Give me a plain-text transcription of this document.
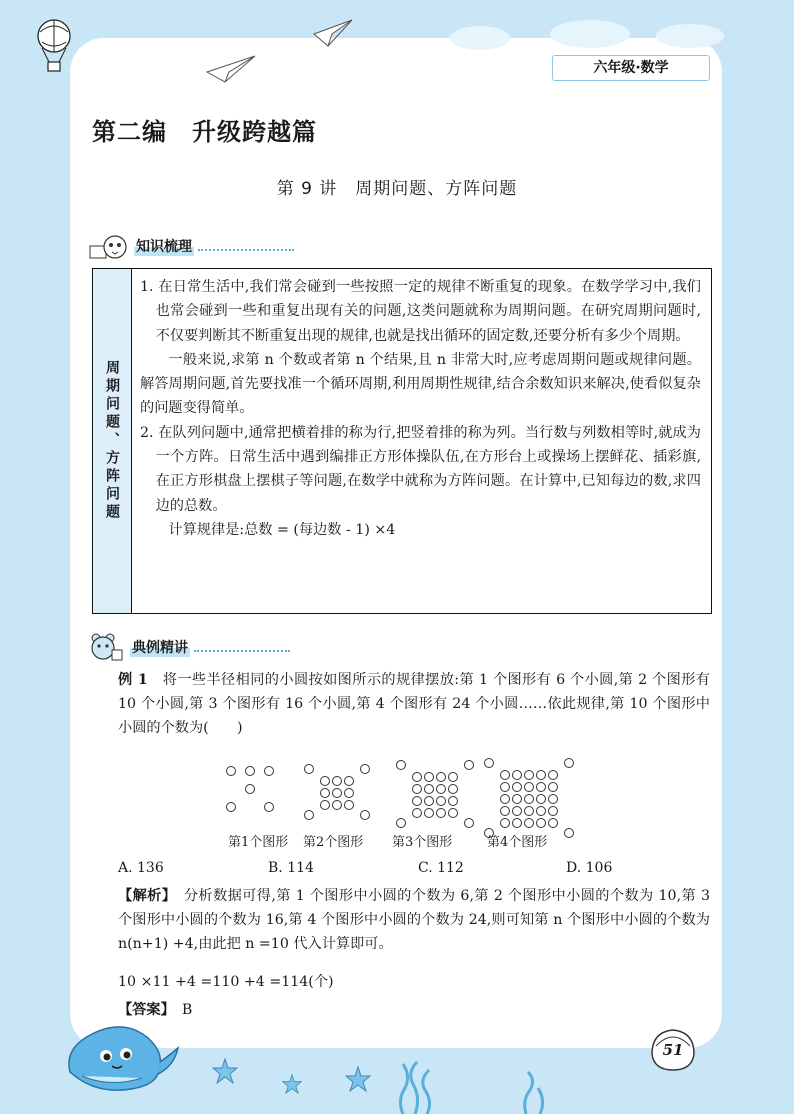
六年级·数学
第二编　升级跨越篇
第 9 讲　周期问题、方阵问题
知识梳理
周期问题、方阵问题

1. 在日常生活中,我们常会碰到一些按照一定的规律不断重复的现象。在数学学习中,我们也常会碰到一些和重复出现有关的问题,这类问题就称为周期问题。在研究周期问题时,不仅要判断其不断重复出现的规律,也就是找出循环的固定数,还要分析有多少个周期。

一般来说,求第 n 个数或者第 n 个结果,且 n 非常大时,应考虑周期问题或规律问题。解答周期问题,首先要找准一个循环周期,利用周期性规律,结合余数知识来解决,使看似复杂的问题变得简单。

2. 在队列问题中,通常把横着排的称为行,把竖着排的称为列。当行数与列数相等时,就成为一个方阵。日常生活中遇到编排正方形体操队伍,在方形台上或操场上摆鲜花、插彩旗,在正方形棋盘上摆棋子等问题,在数学中就称为方阵问题。在计算中,已知每边的数,求四边的总数。

计算规律是:总数 = (每边数 - 1) ×4

典例精讲
例 1　 将一些半径相同的小圆按如图所示的规律摆放:第 1 个图形有 6 个小圆,第 2 个图形有 10 个小圆,第 3 个图形有 16 个小圆,第 4 个图形有 24 个小圆……依此规律,第 10 个图形中小圆的个数为(　　)
第1个图形 第2个图形 第3个图形	第4个图形
A. 136	B. 114	C. 112	D. 106
【解析】　 分析数据可得,第 1 个图形中小圆的个数为 6,第 2 个图形中小圆的个数为 10,第 3 个图形中小圆的个数为 16,第 4 个图形中小圆的个数为 24,则可知第 n 个图形中小圆的个数为 n(n+1) +4,由此把 n =10 代入计算即可。
10 ×11 +4 =110 +4 =114(个)
【答案】　 B
51
